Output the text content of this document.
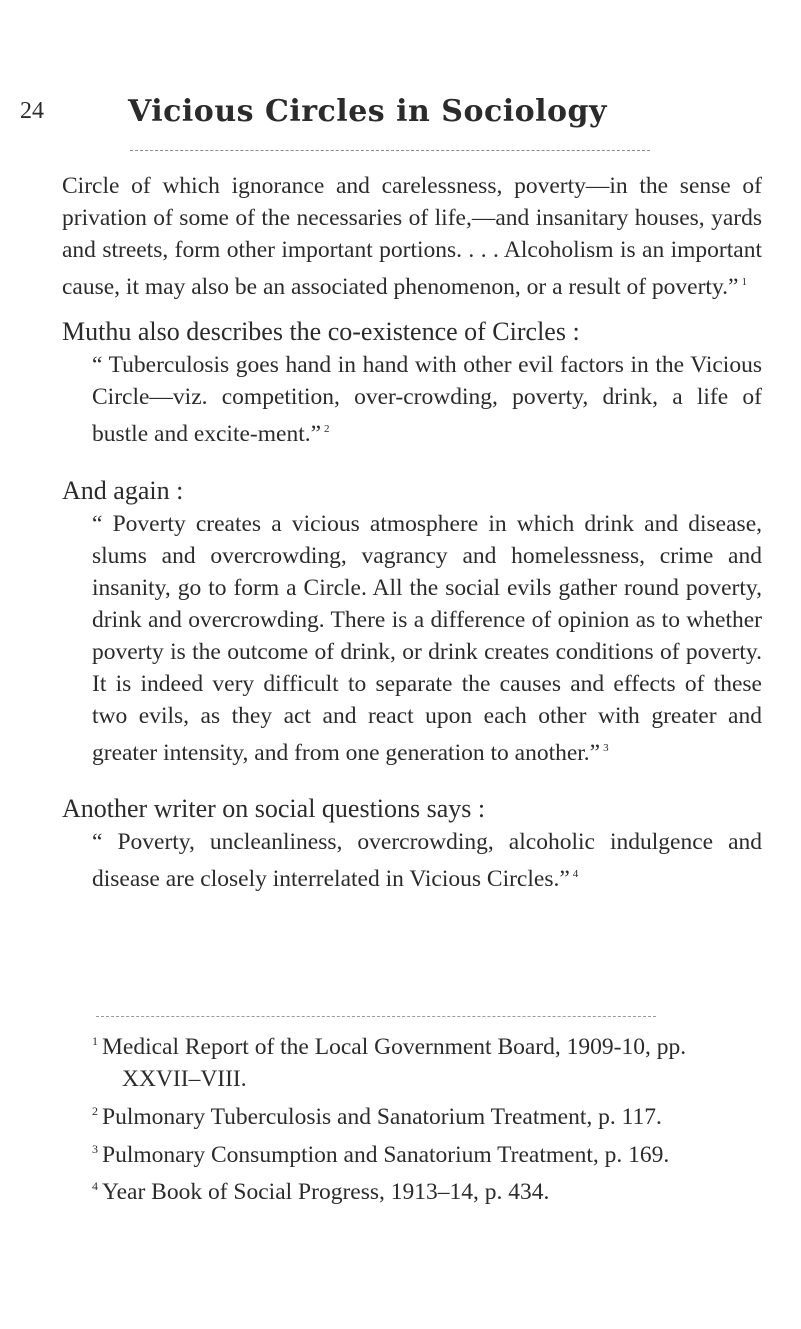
24	Vicious Circles in Sociology

Circle of which ignorance and carelessness, poverty—in the sense of privation of some of the necessaries of life,—and insanitary houses, yards and streets, form other important portions. . . . Alcoholism is an important cause, it may also be an associated phenomenon, or a result of poverty.” $^1$

Muthu also describes the co-existence of Circles :

“ Tuberculosis goes hand in hand with other evil factors in the Vicious Circle—viz. competition, over-crowding, poverty, drink, a life of bustle and excite-ment.” $^2$

And again :

“ Poverty creates a vicious atmosphere in which drink and disease, slums and overcrowding, vagrancy and homelessness, crime and insanity, go to form a Circle. All the social evils gather round poverty, drink and overcrowding. There is a difference of opinion as to whether poverty is the outcome of drink, or drink creates conditions of poverty. It is indeed very difficult to separate the causes and effects of these two evils, as they act and react upon each other with greater and greater intensity, and from one generation to another.” $^3$

Another writer on social questions says :

“ Poverty, uncleanliness, overcrowding, alcoholic indulgence and disease are closely interrelated in Vicious Circles.” $^4$

1 Medical Report of the Local Government Board, 1909-10, pp. XXVII–VIII.

2 Pulmonary Tuberculosis and Sanatorium Treatment, p. 117.

3 Pulmonary Consumption and Sanatorium Treatment, p. 169.

4 Year Book of Social Progress, 1913–14, p. 434.
